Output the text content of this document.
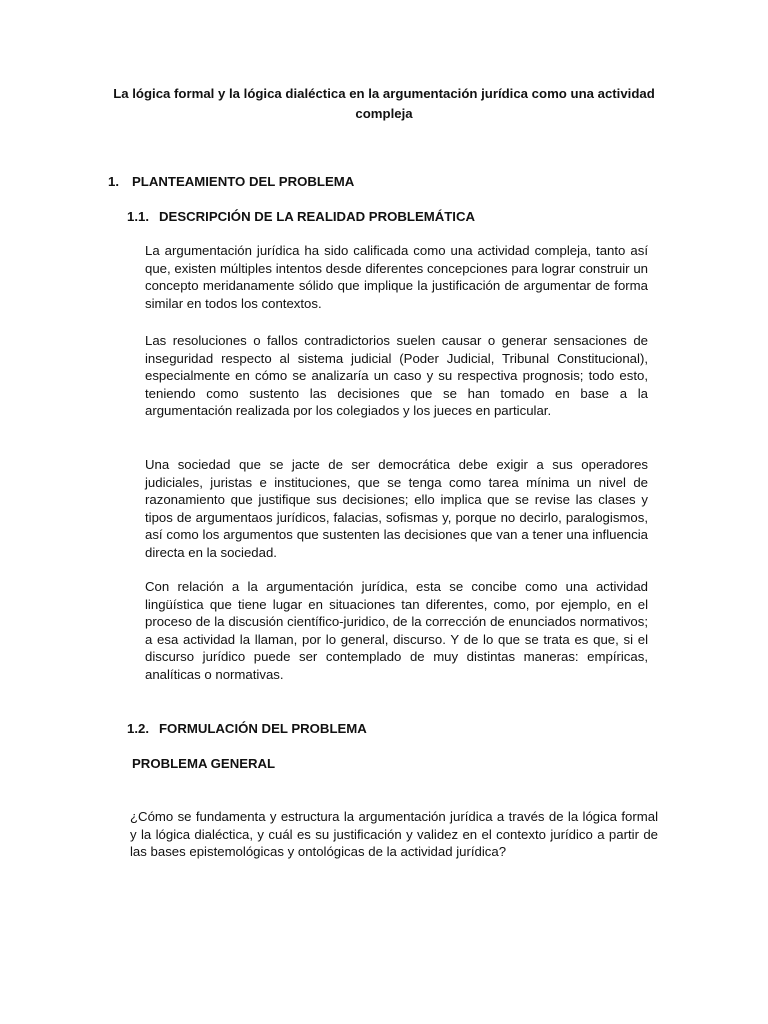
La lógica formal y la lógica dialéctica en la argumentación jurídica como una actividad compleja
1. PLANTEAMIENTO DEL PROBLEMA
1.1. DESCRIPCIÓN DE LA REALIDAD PROBLEMÁTICA

La argumentación jurídica ha sido calificada como una actividad compleja, tanto así que, existen múltiples intentos desde diferentes concepciones para lograr construir un concepto meridanamente sólido que implique la justificación de argumentar de forma similar en todos los contextos.

Las resoluciones o fallos contradictorios suelen causar o generar sensaciones de inseguridad respecto al sistema judicial (Poder Judicial, Tribunal Constitucional), especialmente en cómo se analizaría un caso y su respectiva prognosis; todo esto, teniendo como sustento las decisiones que se han tomado en base a la argumentación realizada por los colegiados y los jueces en particular.

Una sociedad que se jacte de ser democrática debe exigir a sus operadores judiciales, juristas e instituciones, que se tenga como tarea mínima un nivel de razonamiento que justifique sus decisiones; ello implica que se revise las clases y tipos de argumentaos jurídicos, falacias, sofismas y, porque no decirlo, paralogismos, así como los argumentos que sustenten las decisiones que van a tener una influencia directa en la sociedad.

Con relación a la argumentación jurídica, esta se concibe como una actividad lingüística que tiene lugar en situaciones tan diferentes, como, por ejemplo, en el proceso de la discusión científico-juridico, de la corrección de enunciados normativos; a esa actividad la llaman, por lo general, discurso. Y de lo que se trata es que, si el discurso jurídico puede ser contemplado de muy distintas maneras: empíricas, analíticas o normativas.

1.2. FORMULACIÓN DEL PROBLEMA
PROBLEMA GENERAL

¿Cómo se fundamenta y estructura la argumentación jurídica a través de la lógica formal y la lógica dialéctica, y cuál es su justificación y validez en el contexto jurídico a partir de las bases epistemológicas y ontológicas de la actividad jurídica?
